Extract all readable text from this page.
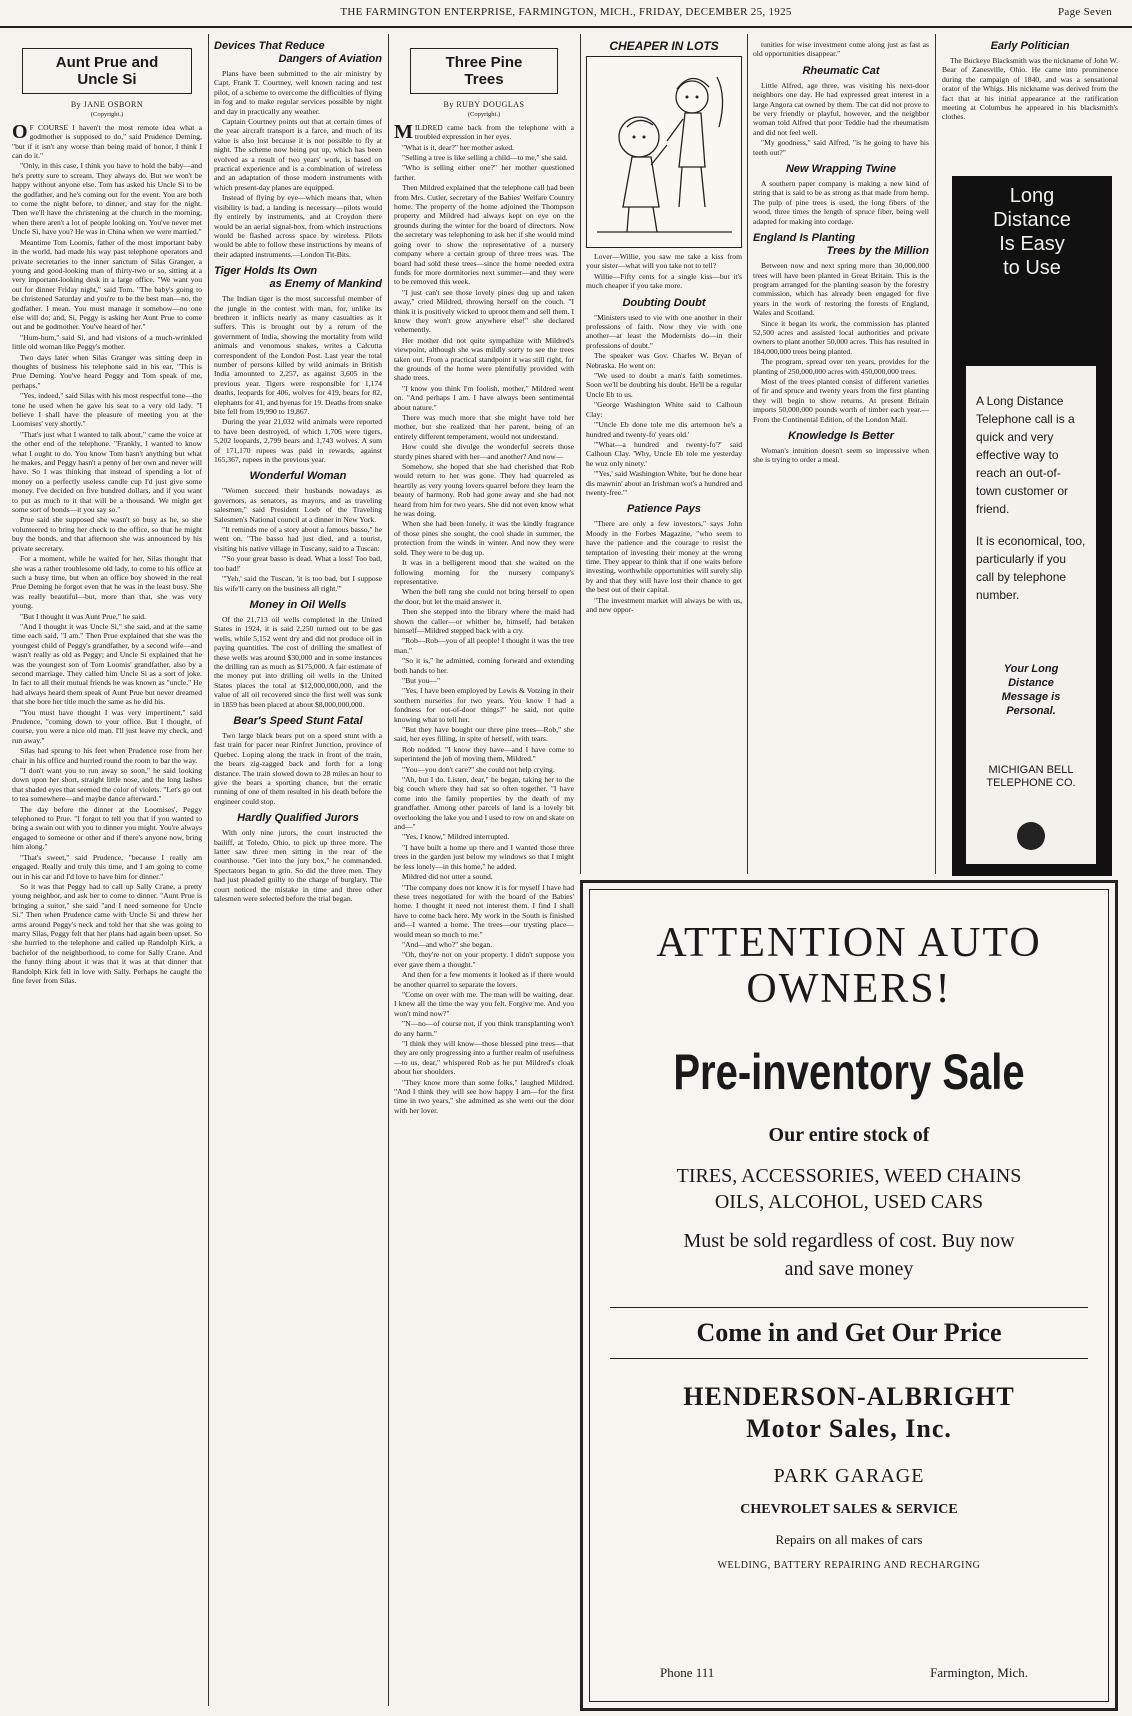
THE FARMINGTON ENTERPRISE, FARMINGTON, MICH., FRIDAY, DECEMBER 25, 1925	Page Seven
Aunt Prue and
Uncle Si
By JANE OSBORN
(Copyright.)

O F COURSE I haven't the most remote idea what a godmother is supposed to do," said Prudence Deming, "but if it isn't any worse than being maid of honor, I think I can do it."

"Only, in this case, I think you have to hold the baby—and he's pretty sure to scream. They always do. But we won't be happy without anyone else. Tom has asked his Uncle Si to be the godfather, and he's coming out for the event. You are both to come the night before, to dinner, and stay for the night. Then we'll have the christening at the church in the morning, when there aren't a lot of people looking on. You've never met Uncle Si, have you? He was in China when we were married."

Meantime Tom Loomis, father of the most important baby in the world, had made his way past telephone operators and private secretaries to the inner sanctum of Silas Granger, a young and good-looking man of thirty-two or so, sitting at a very important-looking desk in a large office. "We want you out for dinner Friday night," said Tom. "The baby's going to be christened Saturday and you're to be the best man—no, the godfather. I mean. You must manage it somehow—no one else will do; and, Si, Peggy is asking her Aunt Prue to come out and be godmother. You've heard of her."

"Hum-hum," said Si, and had visions of a much-wrinkled little old woman like Peggy's mother.

Two days later when Silas Granger was sitting deep in thoughts of business his telephone said in his ear, "This is Prue Deming. You've heard Peggy and Tom speak of me, perhaps."

"Yes, indeed," said Silas with his most respectful tone—the tone he used when he gave his seat to a very old lady. "I believe I shall have the pleasure of meeting you at the Loomises' very shortly."

"That's just what I wanted to talk about," came the voice at the other end of the telephone. "Frankly, I wanted to know what I ought to do. You know Tom hasn't anything but what he makes, and Peggy hasn't a penny of her own and never will have. So I was thinking that instead of spending a lot of money on a perfectly useless candle cup I'd just give some money. I've decided on five hundred dollars, and if you want to put as much to it that will be a thousand. We might get some sort of bonds—it you say so."

Prue said she supposed she wasn't so busy as he, so she volunteered to bring her check to the office, so that he might buy the bonds, and that afternoon she was announced by his private secretary.

For a moment, while he waited for her, Silas thought that she was a rather troublesome old lady, to come to his office at such a busy time, but when an office boy showed in the real Prue Deming he forgot even that he was in the least busy. She was really beautiful—but, more than that, she was very young.

"But I thought it was Aunt Prue," he said.

"And I thought it was Uncle Si," she said, and at the same time each said, "I am." Then Prue explained that she was the youngest child of Peggy's grandfather, by a second wife—and wasn't really as old as Peggy; and Uncle Si explained that he was the youngest son of Tom Loomis' grandfather, also by a second marriage. They called him Uncle Si as a sort of joke. In fact to all their mutual friends he was known as "uncle." He had always heard them speak of Aunt Prue but never dreamed that she bore her title much the same as he did his.

"You must have thought I was very impertinent," said Prudence, "coming down to your office. But I thought, of course, you were a nice old man. I'll just leave my check, and run away."

Silas had sprung to his feet when Prudence rose from her chair in his office and hurried round the room to bar the way.

"I don't want you to run away so soon," he said looking down upon her short, straight little nose, and the long lashes that shaded eyes that seemed the color of violets. "Let's go out to tea somewhere—and maybe dance afterward."

The day before the dinner at the Loomises', Peggy telephoned to Prue. "I forgot to tell you that if you wanted to bring a swain out with you to dinner you might. You're always engaged to someone or other and if there's anyone now, bring him along."

"That's sweet," said Prudence, "because I really am engaged. Really and truly this time, and I am going to come out in his car and I'd love to have him for dinner."

So it was that Peggy had to call up Sally Crane, a pretty young neighbor, and ask her to come to dinner. "Aunt Prue is bringing a suitor," she said "and I need someone for Uncle Si." Then when Prudence came with Uncle Si and threw her arms around Peggy's neck and told her that she was going to marry Silas, Peggy felt that her plans had again been upset. So she hurried to the telephone and called up Randolph Kirk, a bachelor of the neighborhood, to come for Sally Crane. And the funny thing about it was that it was at that dinner that Randolph Kirk fell in love with Sally. Perhaps he caught the fine fever from Silas.

Devices That Reduce
Dangers of Aviation

Plans have been submitted to the air ministry by Capt. Frank T. Courtney, well known racing and test pilot, of a scheme to overcome the difficulties of flying in fog and to make regular services possible by night and day in practically any weather.

Captain Courtney points out that at certain times of the year aircraft transport is a farce, and much of its value is also lost because it is not possible to fly at night. The scheme now being put up, which has been evolved as a result of two years' work, is based on practical experience and is a combination of wireless and an adaptation of those modern instruments with which present-day planes are equipped.

Instead of flying by eye—which means that, when visibility is bad, a landing is necessary—pilots would fly entirely by instruments, and at Croydon there would be an aerial signal-box, from which instructions would be flashed across space by wireless. Pilots would be able to follow these instructions by means of their adapted instruments.—London Tit-Bits.

Tiger Holds Its Own
as Enemy of Mankind

The Indian tiger is the most successful member of the jungle in the contest with man, for, unlike its brethren it inflicts nearly as many casualties as it suffers. This is brought out by a return of the government of India, showing the mortality from wild animals and venomous snakes, writes a Calcutta correspondent of the London Post. Last year the total number of persons killed by wild animals in British India amounted to 2,257, as against 3,605 in the previous year. Tigers were responsible for 1,174 deaths, leopards for 406, wolves for 419, bears for 82, elephants for 41, and hyenas for 19. Deaths from snake bite fell from 19,990 to 19,867.

During the year 21,032 wild animals were reported to have been destroyed, of which 1,706 were tigers, 5,202 leopards, 2,799 bears and 1,743 wolves. A sum of 171,170 rupees was paid in rewards, against 165,367, rupees in the previous year.

Wonderful Woman

"Women succeed their husbands nowadays as governors, as senators, as mayors, and as traveling salesmen," said President Loeb of the Traveling Salesmen's National council at a dinner in New York.

"It reminds me of a story about a famous basso," he went on. "The basso had just died, and a tourist, visiting his native village in Tuscany, said to a Tuscan:

"'So your great basso is dead. What a loss! Too bad, too bad!'

"'Yeh,' said the Tuscan, 'it is too bad, but I suppose his wife'll carry on the business all right.'"

Money in Oil Wells

Of the 21,713 oil wells completed in the United States in 1924, it is said 2,250 turned out to be gas wells, while 5,152 went dry and did not produce oil in paying quantities. The cost of drilling the smallest of these wells was around $30,000 and in some instances the drilling ran as much as $175,000. A fair estimate of the money put into drilling oil wells in the United States places the total at $12,000,000,000, and the value of all oil recovered since the first well was sunk in 1859 has been placed at about $8,000,000,000.

Bear's Speed Stunt Fatal

Two large black bears put on a speed stunt with a fast train for pacer near Rinfret Junction, province of Quebec. Loping along the track in front of the train, the bears zig-zagged back and forth for a long distance. The train slowed down to 28 miles an hour to give the bears a sporting chance, but the erratic running of one of them resulted in his death before the engineer could stop.

Hardly Qualified Jurors

With only nine jurors, the court instructed the bailiff, at Toledo, Ohio, to pick up three more. The latter saw three men sitting in the rear of the courthouse. "Get into the jury box," he commanded. Spectators began to grin. So did the three men. They had just pleaded guilty to the charge of burglary. The court noticed the mistake in time and three other talesmen were selected before the trial began.

Three Pine
Trees
By RUBY DOUGLAS
(Copyright.)

MILDRED came back from the telephone with a troubled expression in her eyes.

"What is it, dear?" her mother asked.

"Selling a tree is like selling a child—to me," she said.

"Who is selling either one?" her mother questioned farther.

Then Mildred explained that the telephone call had been from Mrs. Cutler, secretary of the Babies' Welfare Country home. The property of the home adjoined the Thompson property and Mildred had always kept on eye on the grounds during the winter for the board of directors. Now the secretary was telephoning to ask her if she would mind going over to show the representative of a nursery company where a certain group of three trees was. The board had sold these trees—since the home needed extra funds for more dormitories next summer—and they were to be removed this week.

"I just can't see those lovely pines dug up and taken away," cried Mildred, throwing herself on the couch. "I think it is positively wicked to uproot them and sell them. I know they won't grow anywhere else!" she declared vehemently.

Her mother did not quite sympathize with Mildred's viewpoint, although she was mildly sorry to see the trees taken out. From a practical standpoint it was still right, for the grounds of the home were plentifully provided with shade trees.

"I know you think I'm foolish, mother," Mildred went on. "And perhaps I am. I have always been sentimental about nature."

There was much more that she might have told her mother, but she realized that her parent, being of an entirely different temperament, would not understand.

How could she divulge the wonderful secrets those sturdy pines shared with her—and another? And now—

Somehow, she hoped that she had cherished that Rob would return to her was gone. They had quarreled as heartily as very young lovers quarrel before they learn the beauty of harmony. Rob had gone away and she had not heard from him for two years. She did not even know what he was doing.

When she had been lonely, it was the kindly fragrance of those pines she sought, the cool shade in summer, the protection from the winds in winter. And now they were sold. They were to be dug up.

It was in a belligerent mood that she waited on the following morning for the nursery company's representative.

When the bell rang she could not bring herself to open the door, but let the maid answer it.

Then she stepped into the library where the maid had shown the caller—or whither he, himself, had betaken himself—Mildred stepped back with a cry.

"Rob—Rob—you of all people! I thought it was the tree man."

"So it is," he admitted, coming forward and extending both hands to her.

"But you—"

"Yes, I have been employed by Lewis & Votzing in their southern nurseries for two years. You know I had a fondness for out-of-door things?" he said, not quite knowing what to tell her.

"But they have bought our three pine trees—Rob," she said, her eyes filling, in spite of herself, with tears.

Rob nodded. "I know they have—and I have come to superintend the job of moving them, Mildred."

"You—you don't care?" she could not help crying.

"Ah, but I do. Listen, dear," he began, taking her to the big couch where they had sat so often together. "I have come into the family properties by the death of my grandfather. Among other parcels of land is a lovely bit overlooking the lake you and I used to row on and skate on and—"

"Yes, I know," Mildred interrupted.

"I have built a home up there and I wanted those three trees in the garden just below my windows so that I might be less lonely—in this home," he added.

Mildred did not utter a sound.

"The company does not know it is for myself I have had these trees negotiated for with the board of the Babies' home. I thought it need not interest them. I find I shall have to come back here. My work in the South is finished and—I wanted a home. The trees—our trysting place—would mean so much to me."

"And—and who?" she began.

"Oh, they're not on your property. I didn't suppose you ever gave them a thought."

And then for a few moments it looked as if there would be another quarrel to separate the lovers.

"Come on over with me. The man will be waiting, dear. I knew all the time the way you felt. Forgive me. And you won't mind now?"

"N—no—of course not, if you think transplanting won't do any harm."

"I think they will know—those blessed pine trees—that they are only progressing into a further realm of usefulness—to us, dear," whispered Rob as he put Mildred's cloak about her shoulders.

"They know more than some folks," laughed Mildred. "And I think they will see how happy I am—for the first time in two years," she admitted as she went out the door with her lover.

CHEAPER IN LOTS

Lover—Willie, you saw me take a kiss from your sister—what will you take not to tell?

Willie—Fifty cents for a single kiss—but it's much cheaper if you take more.

Doubting Doubt

"Ministers used to vie with one another in their professions of faith. Now they vie with one another—at least the Modernists do—in their professions of doubt."

The speaker was Gov. Charles W. Bryan of Nebraska. He went on:

"We used to doubt a man's faith sometimes. Soon we'll be doubting his doubt. He'll be a regular Uncle Eb to us.

"George Washington White said to Calhoun Clay:

"'Uncle Eb done tole me dis arternoon he's a hundred and twenty-fo' years old.'

"'What—a hundred and twenty-fo'?' said Calhoun Clay. 'Why, Uncle Eb tole me yesterday he wuz only ninety.'

"'Yes,' said Washington White, 'but he done hear dis mawnin' about an Irishman wot's a hundred and twenty-free.'"

Patience Pays

"There are only a few investors," says John Moody in the Forbes Magazine, "who seem to have the patience and the courage to resist the temptation of investing their money at the wrong time. They appear to think that if one waits before investing, worthwhile opportunities will surely slip by and that they will have lost their chance to get the best out of their capital.

"The investment market will always be with us, and new oppor-

tunities for wise investment come along just as fast as old opportunities disappear."

Rheumatic Cat

Little Alfred, age three, was visiting his next-door neighbors one day. He had expressed great interest in a large Angora cat owned by them. The cat did not prove to be very friendly or playful, however, and the neighbor woman told Alfred that poor Teddie had the rheumatism and did not feel well.

"My goodness," said Alfred, "is he going to have his teeth out?"

New Wrapping Twine

A southern paper company is making a new kind of string that is said to be as strong as that made from hemp. The pulp of pine trees is used, the long fibers of the wood, three times the length of spruce fiber, being well adapted for making into cordage.

England Is Planting
Trees by the Million

Between now and next spring more than 30,000,000 trees will have been planted in Great Britain. This is the program arranged for the planting season by the forestry commission, which has already been engaged for five years in the work of restoring the forests of England, Wales and Scotland.

Since it began its work, the commission has planted 52,500 acres and assisted local authorities and private owners to plant another 50,000 acres. This has resulted in 184,000,000 trees being planted.

The program, spread over ten years, provides for the planting of 250,000,000 acres with 450,000,000 trees.

Most of the trees planted consist of different varieties of fir and spruce and twenty years from the first planting they will begin to show returns. At present Britain imports 50,000,000 pounds worth of timber each year.—From the Continental Edition, of the London Mail.

Knowledge Is Better

Woman's intuition doesn't seem so impressive when she is trying to order a meal.

Early Politician

The Buckeye Blacksmith was the nickname of John W. Bear of Zanesville, Ohio. He came into prominence during the campaign of 1840, and was a sensational orator of the Whigs. His nickname was derived from the fact that at his initial appearance at the ratification meeting at Columbus he appeared in his blacksmith's clothes.

Long
Distance
Is Easy
to Use
A Long Distance Telephone call is a quick and very effective way to reach an out-of-town customer or friend.
It is economical, too, particularly if you call by telephone number.
Your Long
Distance
Message is
Personal.
MICHIGAN BELL
TELEPHONE CO.
ATTENTION AUTO
OWNERS!
Pre-inventory Sale
Our entire stock of
TIRES, ACCESSORIES, WEED CHAINS
OILS, ALCOHOL, USED CARS
Must be sold regardless of cost. Buy now
and save money
Come in and Get Our Price
HENDERSON-ALBRIGHT
Motor Sales, Inc.
PARK GARAGE
CHEVROLET SALES & SERVICE
Repairs on all makes of cars
WELDING, BATTERY REPAIRING AND RECHARGING
Phone 111	Farmington, Mich.
